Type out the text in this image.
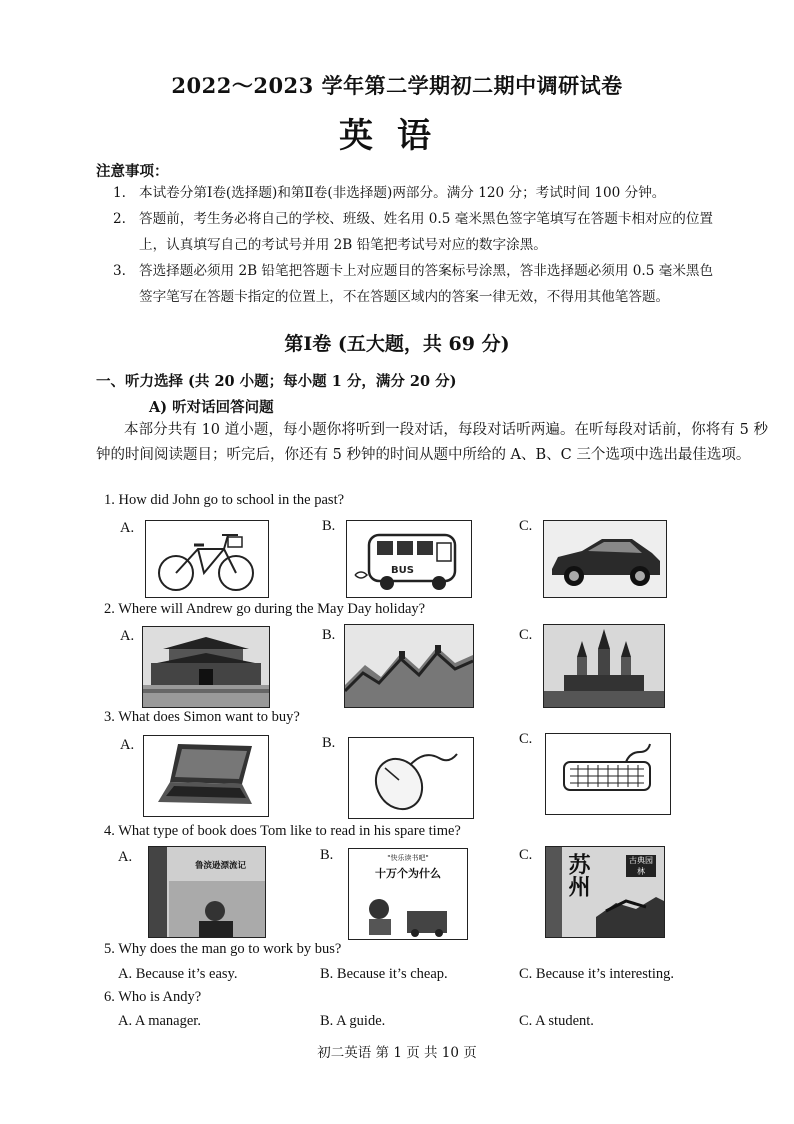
2022～2023 学年第二学期初二期中调研试卷
英语
注意事项：
1. 本试卷分第Ⅰ卷(选择题)和第Ⅱ卷(非选择题)两部分。满分 120 分；考试时间 100 分钟。
2. 答题前，考生务必将自己的学校、班级、姓名用 0.5 毫米黑色签字笔填写在答题卡相对应的位置
上，认真填写自己的考试号并用 2B 铅笔把考试号对应的数字涂黑。
3. 答选择题必须用 2B 铅笔把答题卡上对应题目的答案标号涂黑，答非选择题必须用 0.5 毫米黑色
签字笔写在答题卡指定的位置上，不在答题区域内的答案一律无效，不得用其他笔答题。
第Ⅰ卷 (五大题，共 69 分)
一、听力选择 (共 20 小题；每小题 1 分，满分 20 分)
A) 听对话回答问题
本部分共有 10 道小题，每小题你将听到一段对话，每段对话听两遍。在听每段对话前，你将有 5 秒钟的时间阅读题目；听完后，你还有 5 秒钟的时间从题中所给的 A、B、C 三个选项中选出最佳选项。
1. How did John go to school in the past?
A.	B.	C.
BUS
2. Where will Andrew go during the May Day holiday?
A.	B.	C.
3. What does Simon want to buy?
A.	B.	C.
4. What type of book does Tom like to read in his spare time?
A.	B.	C.
鲁滨逊漂流记
"快乐读书吧"
十万个为什么	苏州	古典园林
5. Why does the man go to work by bus?
A. Because it’s easy.	B. Because it’s cheap.	C. Because it’s interesting.
6. Who is Andy?
A. A manager.	B. A guide.	C. A student.
初二英语 第 1 页 共 10 页
